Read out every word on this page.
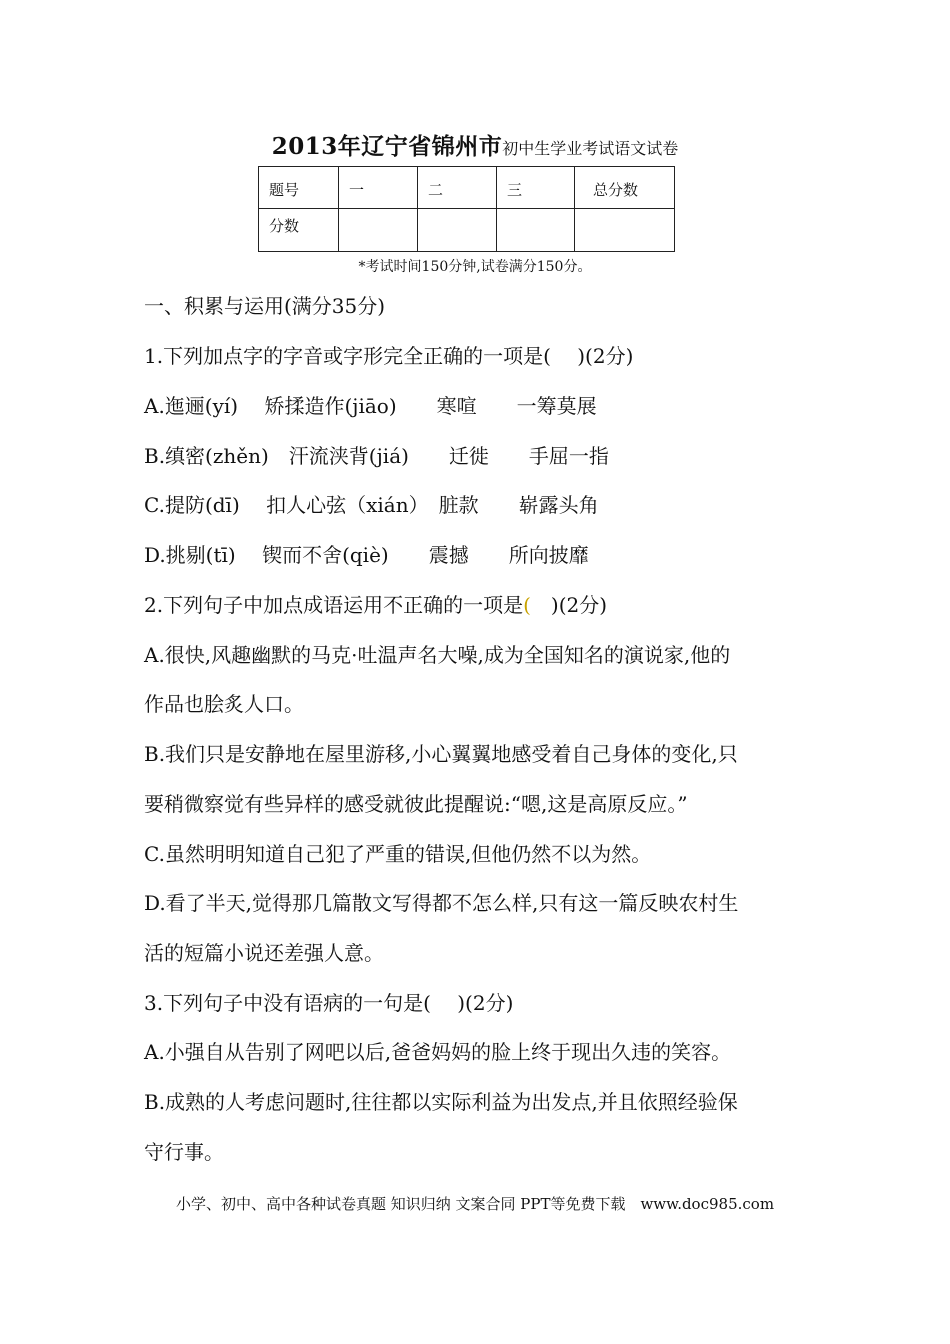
2013年辽宁省锦州市初中生学业考试语文试卷
题号	一	二	三	总分数
分数				
*考试时间150分钟,试卷满分150分。
一、积累与运用(满分35分)
1.下列加点字的字音或字形完全正确的一项是(　 )(2分)
A.迤逦(yí)　 矫揉造作(jiāo)　　寒喧　　一筹莫展
B.缜密(zhěn)　汗流浃背(jiá)　　迁徙　　手屈一指
C.提防(dī)　 扣人心弦（xián）　脏款　　崭露头角
D.挑剔(tī)　 锲而不舍(qiè)　　震撼　　所向披靡
2.下列句子中加点成语运用不正确的一项是(　)(2分)
A.很快,风趣幽默的马克·吐温声名大噪,成为全国知名的演说家,他的
作品也脍炙人口。
B.我们只是安静地在屋里游移,小心翼翼地感受着自己身体的变化,只
要稍微察觉有些异样的感受就彼此提醒说:“嗯,这是高原反应。”
C.虽然明明知道自己犯了严重的错误,但他仍然不以为然。
D.看了半天,觉得那几篇散文写得都不怎么样,只有这一篇反映农村生
活的短篇小说还差强人意。
3.下列句子中没有语病的一句是(　 )(2分)
A.小强自从告别了网吧以后,爸爸妈妈的脸上终于现出久违的笑容。
B.成熟的人考虑问题时,往往都以实际利益为出发点,并且依照经验保
守行事。
小学、初中、高中各种试卷真题 知识归纳 文案合同 PPT等免费下载　www.doc985.com
